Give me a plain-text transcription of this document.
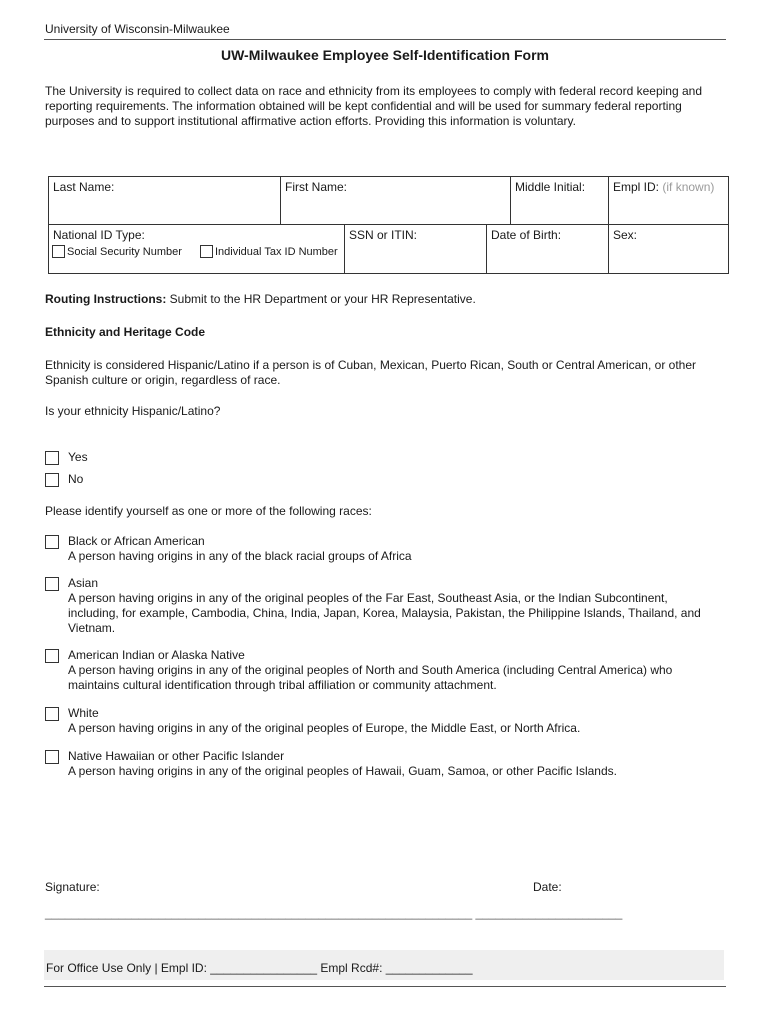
University of Wisconsin-Milwaukee
UW-Milwaukee Employee Self-Identification Form
The University is required to collect data on race and ethnicity from its employees to comply with federal record keeping and reporting requirements. The information obtained will be kept confidential and will be used for summary federal reporting purposes and to support institutional affirmative action efforts. Providing this information is voluntary.
Last Name:	First Name:	Middle Initial:	Empl ID: (if known)
National ID Type:
Social Security Number	Individual Tax ID Number
SSN or ITIN:	Date of Birth:	Sex:
Routing Instructions: Submit to the HR Department or your HR Representative.
Ethnicity and Heritage Code
Ethnicity is considered Hispanic/Latino if a person is of Cuban, Mexican, Puerto Rican, South or Central American, or other Spanish culture or origin, regardless of race.
Is your ethnicity Hispanic/Latino?
Yes
No
Please identify yourself as one or more of the following races:
Black or African American
A person having origins in any of the black racial groups of Africa
Asian
A person having origins in any of the original peoples of the Far East, Southeast Asia, or the Indian Subcontinent, including, for example, Cambodia, China, India, Japan, Korea, Malaysia, Pakistan, the Philippine Islands, Thailand, and Vietnam.
American Indian or Alaska Native
A person having origins in any of the original peoples of North and South America (including Central America) who maintains cultural identification through tribal affiliation or community attachment.
White
A person having origins in any of the original peoples of Europe, the Middle East, or North Africa.
Native Hawaiian or other Pacific Islander
A person having origins in any of the original peoples of Hawaii, Guam, Samoa, or other Pacific Islands.
Signature:	Date:
________________________________________________________________ ______________________
For Office Use Only | Empl ID: ________________ Empl Rcd#: _____________
